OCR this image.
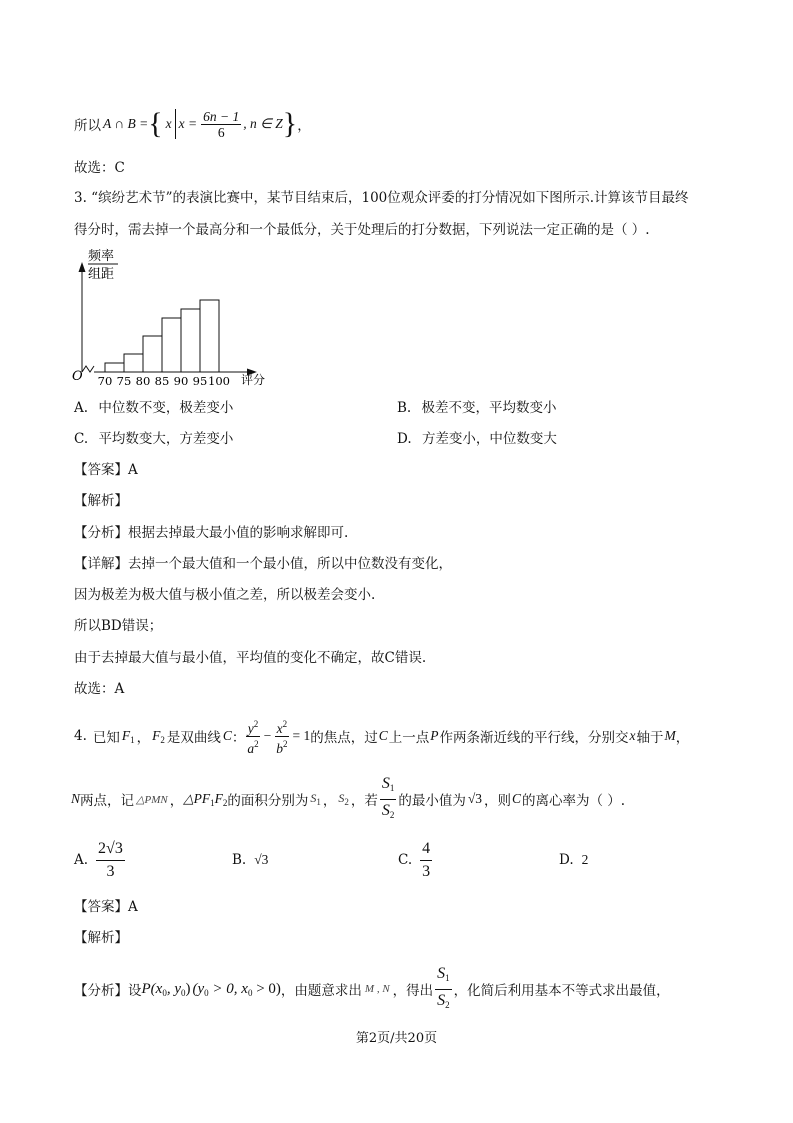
所以 A ∩ B = { x $x = \frac{6n - 1}{6}$ , n ∈ Z } ，
故选：C
3. “缤纷艺术节”的表演比赛中，某节目结束后，100位观众评委的打分情况如下图所示.计算该节目最终
得分时，需去掉一个最高分和一个最低分，关于处理后的打分数据，下列说法一定正确的是（ ）.
频率
组距
70 75 80 85 90 95 100
O	评分
A. 中位数不变，极差变小	B. 极差不变，平均数变小
C. 平均数变大，方差变小	D. 方差变小，中位数变大
【答案】A
【解析】
【分析】根据去掉最大最小值的影响求解即可.
【详解】去掉一个最大值和一个最小值，所以中位数没有变化，
因为极差为极大值与极小值之差，所以极差会变小.
所以BD错误；
由于去掉最大值与最小值，平均值的变化不确定，故C错误.
故选：A
4. 已知 $F_1$ ， $F_2$ 是双曲线 C ： $\frac{y^2}{a^2} - \frac{x^2}{b^2} = 1$ 的焦点，过 C 上一点 P 作两条渐近线的平行线，分别交 x 轴于 M ，
N 两点，记 △PMN ， $\triangle PF_1F_2$ 的面积分别为 $S_1$ ， $S_2$ ，若 $\frac{S_1}{S_2}$ 的最小值为 √3 ，则 C 的离心率为（ ）.
A. $\frac{2√3}{3}$	B. √3	C. $\frac{4}{3}$	D. 2
【答案】A
【解析】
【分析】设 $P(x_0$, $y_0$) ($y_0 > 0$, $x_0 > 0$) ，由题意求出 M , N ，得出 $\frac{S_1}{S_2}$ ，化简后利用基本不等式求出最值，
第2页/共20页
